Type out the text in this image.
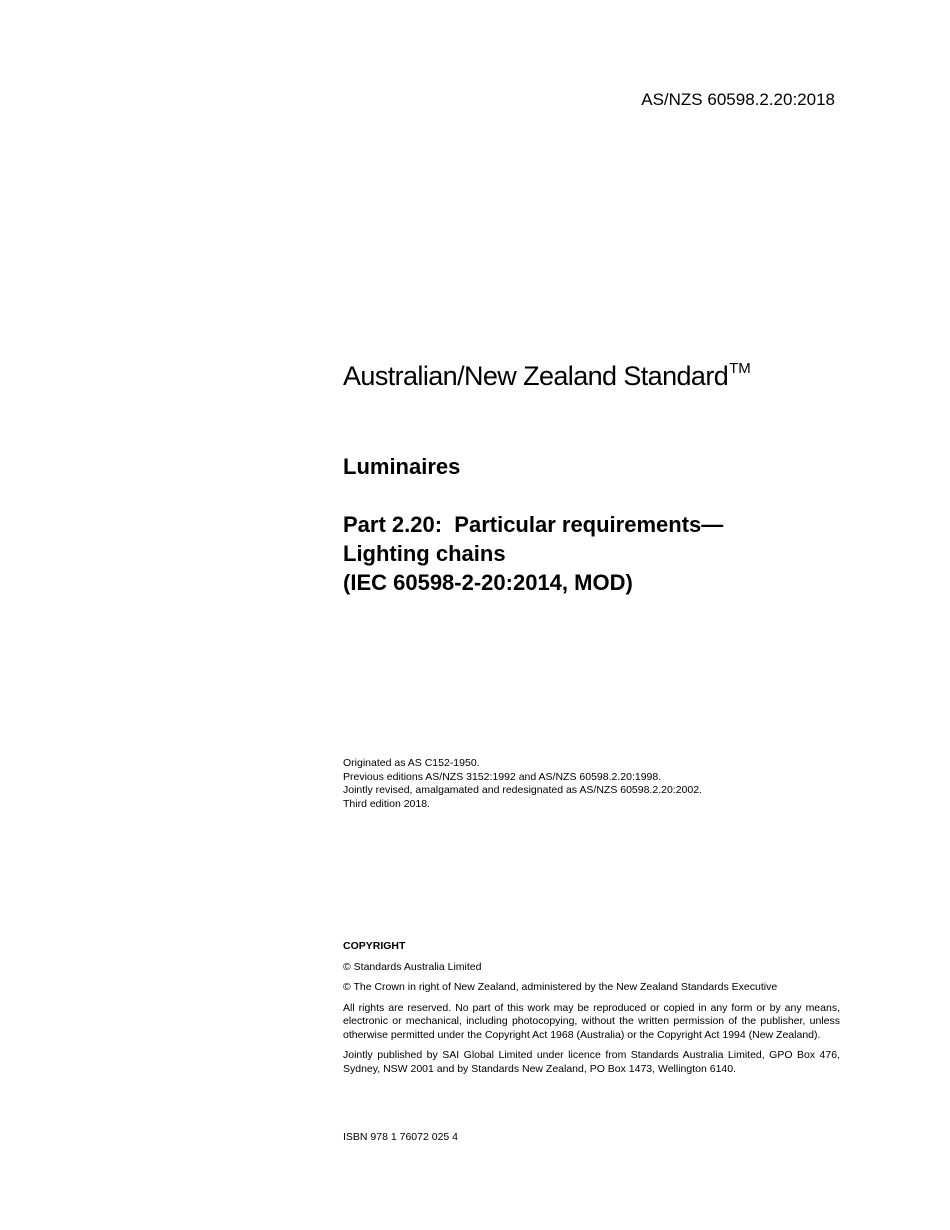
AS/NZS 60598.2.20:2018
Australian/New Zealand Standard™
Luminaires
Part 2.20:  Particular requirements—
Lighting chains
(IEC 60598-2-20:2014, MOD)
Originated as AS C152-1950.
Previous editions AS/NZS 3152:1992 and AS/NZS 60598.2.20:1998.
Jointly revised, amalgamated and redesignated as AS/NZS 60598.2.20:2002.
Third edition 2018.
COPYRIGHT

© Standards Australia Limited

© The Crown in right of New Zealand, administered by the New Zealand Standards Executive

All rights are reserved. No part of this work may be reproduced or copied in any form or by any means, electronic or mechanical, including photocopying, without the written permission of the publisher, unless otherwise permitted under the Copyright Act 1968 (Australia) or the Copyright Act 1994 (New Zealand).

Jointly published by SAI Global Limited under licence from Standards Australia Limited, GPO Box 476, Sydney, NSW 2001 and by Standards New Zealand, PO Box 1473, Wellington 6140.

ISBN 978 1 76072 025 4
